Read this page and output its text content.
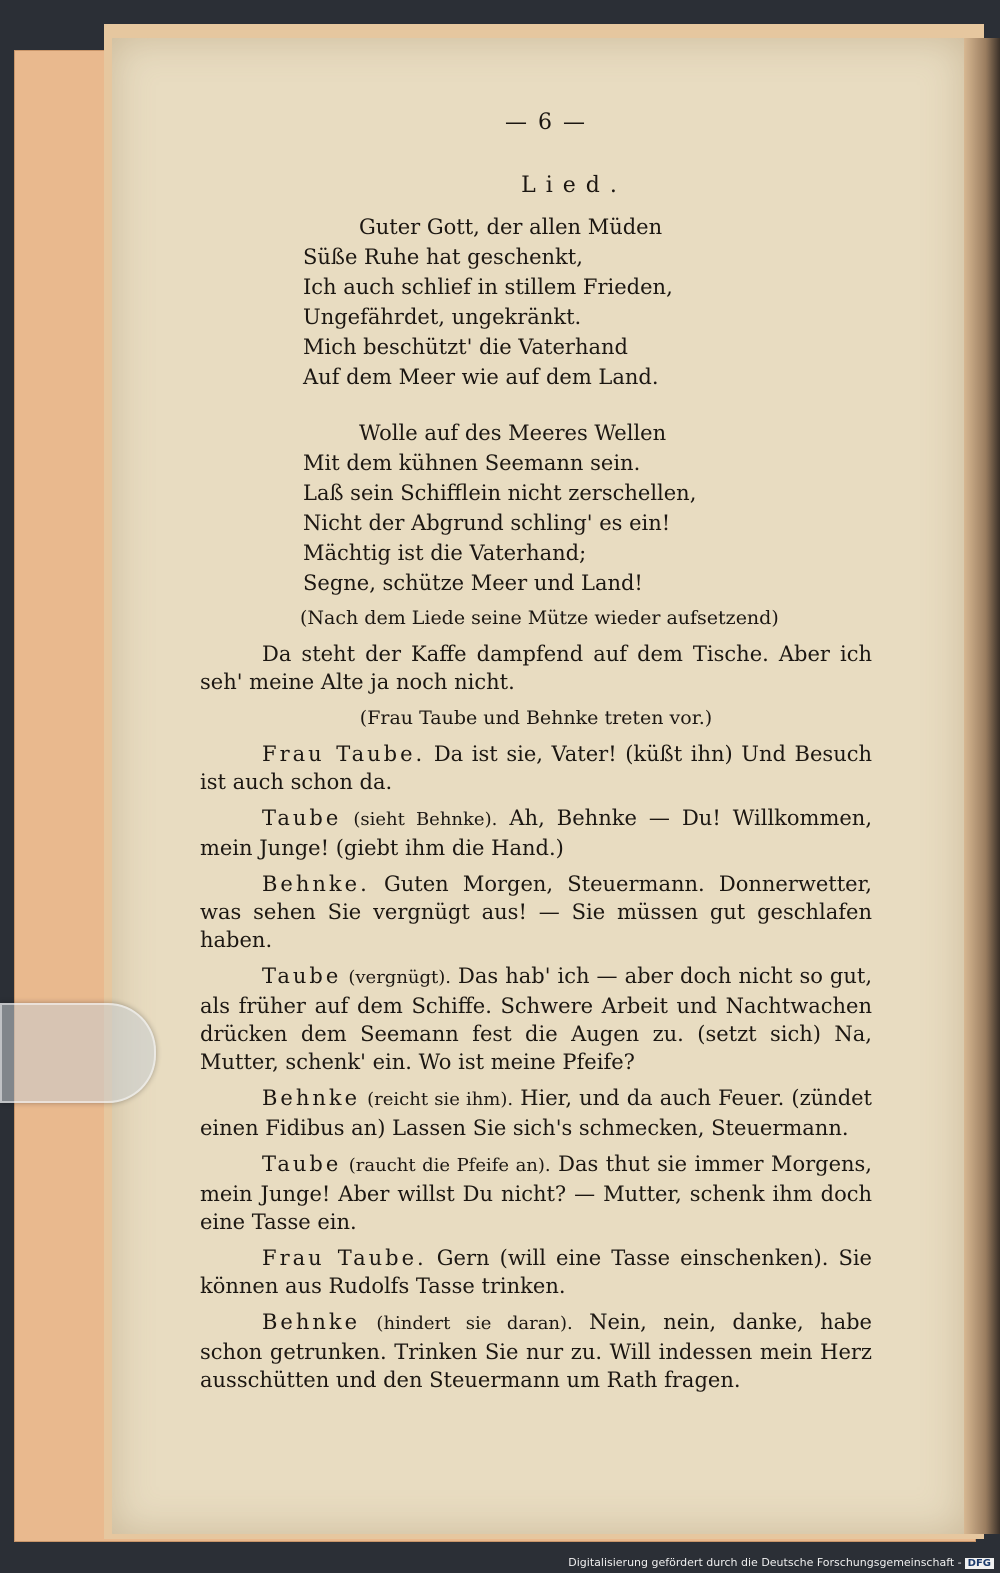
— 6 —
Lied.
Guter Gott, der allen Müden
Süße Ruhe hat geschenkt,
Ich auch schlief in stillem Frieden,
Ungefährdet, ungekränkt.
Mich beschützt' die Vaterhand
Auf dem Meer wie auf dem Land.
Wolle auf des Meeres Wellen
Mit dem kühnen Seemann sein.
Laß sein Schifflein nicht zerschellen,
Nicht der Abgrund schling' es ein!
Mächtig ist die Vaterhand;
Segne, schütze Meer und Land!
(Nach dem Liede seine Mütze wieder aufsetzend)
Da steht der Kaffe dampfend auf dem Tische. Aber ich seh' meine Alte ja noch nicht.
(Frau Taube und Behnke treten vor.)
Frau Taube. Da ist sie, Vater! (küßt ihn) Und Besuch ist auch schon da.
Taube (sieht Behnke). Ah, Behnke — Du! Willkommen, mein Junge! (giebt ihm die Hand.)
Behnke. Guten Morgen, Steuermann. Donnerwetter, was sehen Sie vergnügt aus! — Sie müssen gut geschlafen haben.
Taube (vergnügt). Das hab' ich — aber doch nicht so gut, als früher auf dem Schiffe. Schwere Arbeit und Nachtwachen drücken dem Seemann fest die Augen zu. (setzt sich) Na, Mutter, schenk' ein. Wo ist meine Pfeife?
Behnke (reicht sie ihm). Hier, und da auch Feuer. (zündet einen Fidibus an) Lassen Sie sich's schmecken, Steuermann.
Taube (raucht die Pfeife an). Das thut sie immer Morgens, mein Junge! Aber willst Du nicht? — Mutter, schenk ihm doch eine Tasse ein.
Frau Taube. Gern (will eine Tasse einschenken). Sie können aus Rudolfs Tasse trinken.
Behnke (hindert sie daran). Nein, nein, danke, habe schon getrunken. Trinken Sie nur zu. Will indessen mein Herz ausschütten und den Steuermann um Rath fragen.
Digitalisierung gefördert durch die Deutsche Forschungsgemeinschaft - DFG
